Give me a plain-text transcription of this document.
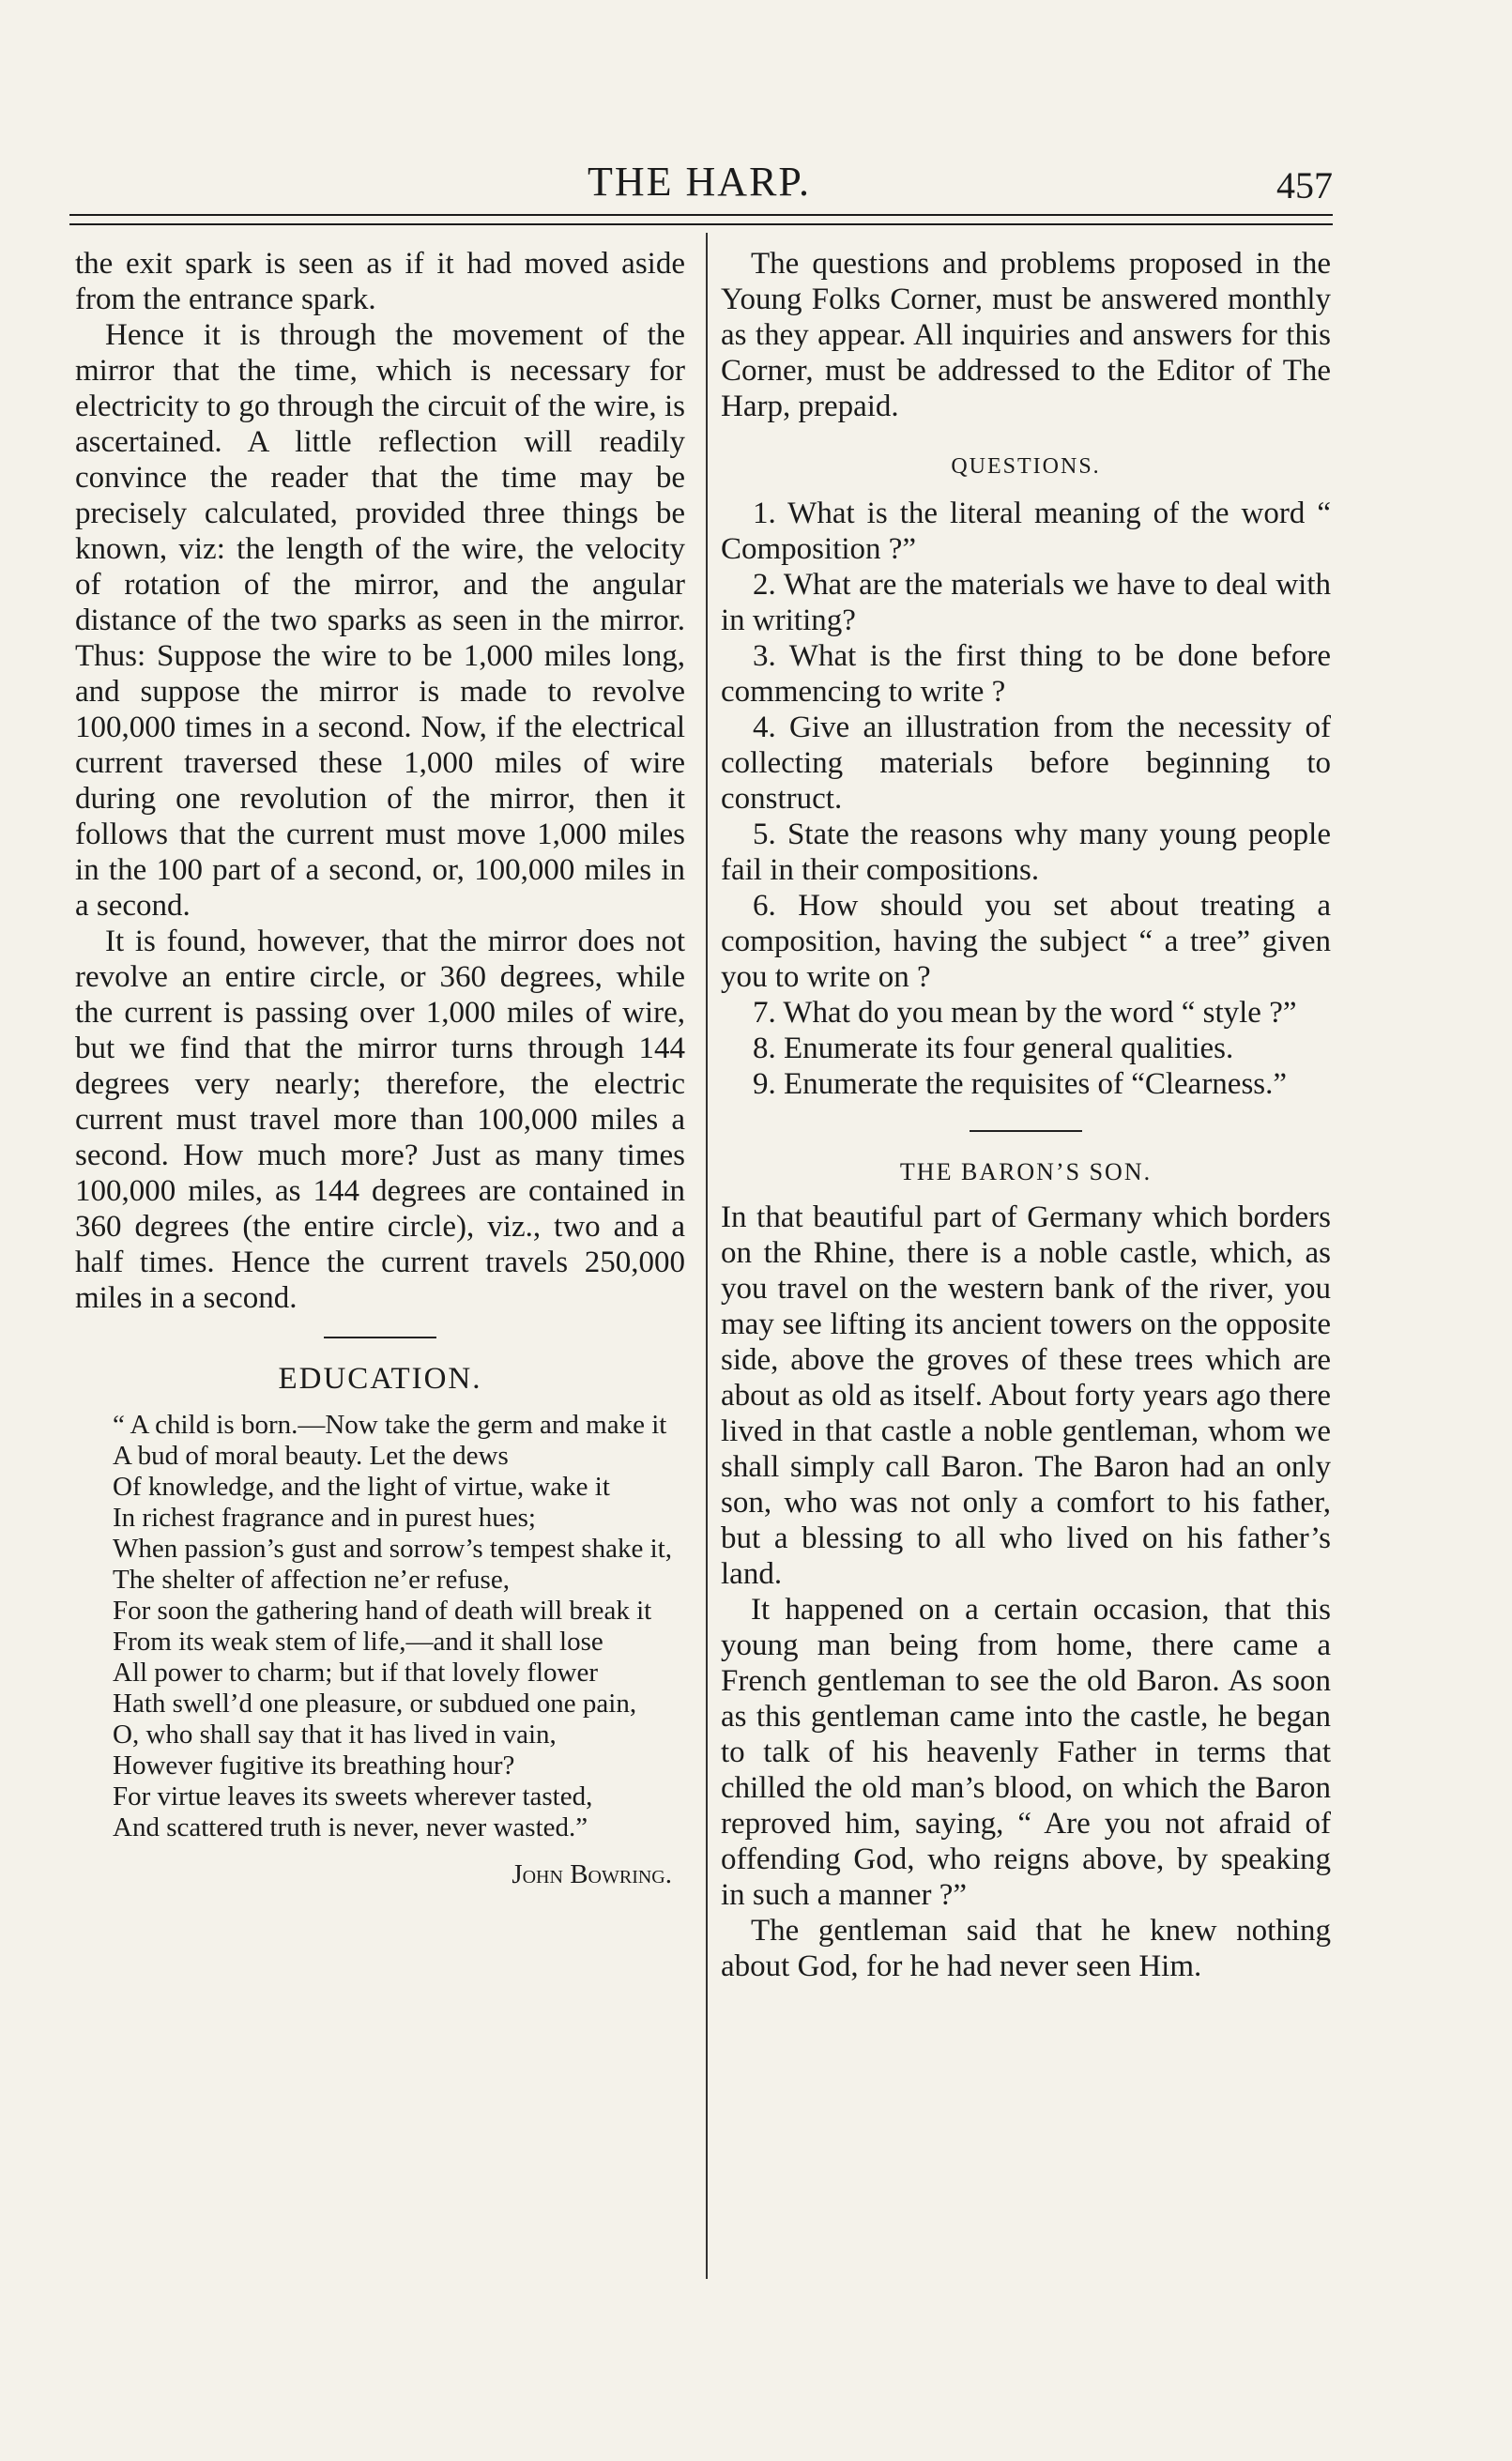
THE HARP.	457

the exit spark is seen as if it had moved aside from the entrance spark.

Hence it is through the movement of the mirror that the time, which is necessary for electricity to go through the circuit of the wire, is ascertained. A little reflection will readily convince the reader that the time may be precisely calculated, provided three things be known, viz: the length of the wire, the velocity of rotation of the mirror, and the angular distance of the two sparks as seen in the mirror. Thus: Suppose the wire to be 1,000 miles long, and suppose the mirror is made to revolve 100,000 times in a second. Now, if the electrical current traversed these 1,000 miles of wire during one revolution of the mirror, then it follows that the current must move 1,000 miles in the 100 part of a second, or, 100,000 miles in a second.

It is found, however, that the mirror does not revolve an entire circle, or 360 degrees, while the current is passing over 1,000 miles of wire, but we find that the mirror turns through 144 degrees very nearly; therefore, the electric current must travel more than 100,000 miles a second. How much more? Just as many times 100,000 miles, as 144 degrees are contained in 360 degrees (the entire circle), viz., two and a half times. Hence the current travels 250,000 miles in a second.

EDUCATION.

“ A child is born.—Now take the germ and make it

A bud of moral beauty. Let the dews

Of knowledge, and the light of virtue, wake it

In richest fragrance and in purest hues;

When passion’s gust and sorrow’s tempest shake it,

The shelter of affection ne’er refuse,

For soon the gathering hand of death will break it

From its weak stem of life,—and it shall lose

All power to charm; but if that lovely flower

Hath swell’d one pleasure, or subdued one pain,

O, who shall say that it has lived in vain,

However fugitive its breathing hour?

For virtue leaves its sweets wherever tasted,

And scattered truth is never, never wasted.”

John Bowring.

The questions and problems proposed in the Young Folks Corner, must be answered monthly as they appear. All inquiries and answers for this Corner, must be addressed to the Editor of The Harp, prepaid.

QUESTIONS.

1. What is the literal meaning of the word “ Composition ?”

2. What are the materials we have to deal with in writing?

3. What is the first thing to be done before commencing to write ?

4. Give an illustration from the necessity of collecting materials before beginning to construct.

5. State the reasons why many young people fail in their compositions.

6. How should you set about treating a composition, having the subject “ a tree” given you to write on ?

7. What do you mean by the word “ style ?”

8. Enumerate its four general qualities.

9. Enumerate the requisites of “Clearness.”

THE BARON’S SON.

In that beautiful part of Germany which borders on the Rhine, there is a noble castle, which, as you travel on the western bank of the river, you may see lifting its ancient towers on the opposite side, above the groves of these trees which are about as old as itself. About forty years ago there lived in that castle a noble gentleman, whom we shall simply call Baron. The Baron had an only son, who was not only a comfort to his father, but a blessing to all who lived on his father’s land.

It happened on a certain occasion, that this young man being from home, there came a French gentleman to see the old Baron. As soon as this gentleman came into the castle, he began to talk of his heavenly Father in terms that chilled the old man’s blood, on which the Baron reproved him, saying, “ Are you not afraid of offending God, who reigns above, by speaking in such a manner ?”

The gentleman said that he knew nothing about God, for he had never seen Him.
